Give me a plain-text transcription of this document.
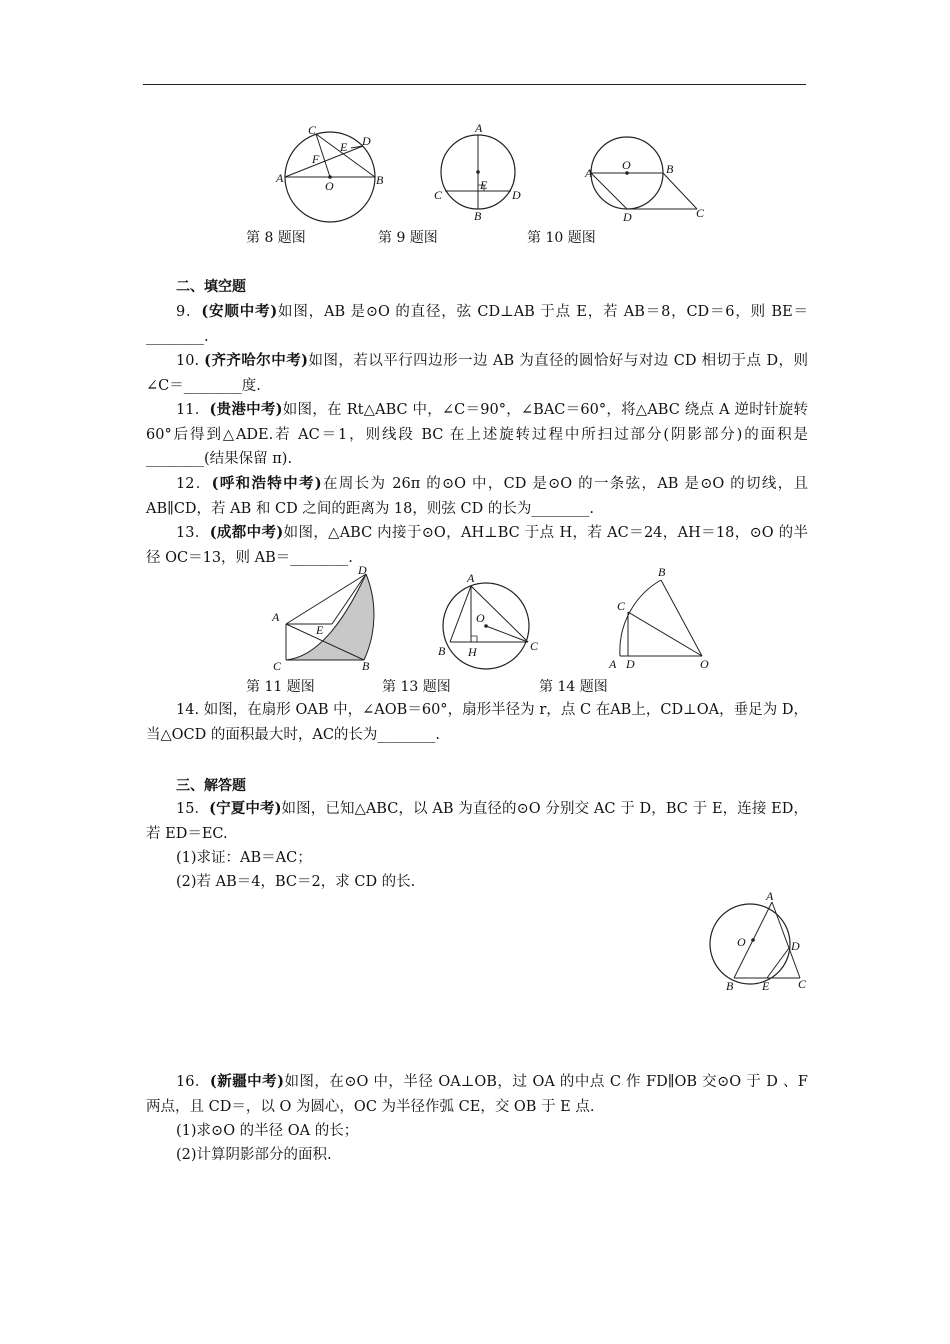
C
D
E
F
A
O	B
A
C
E
D
B
O	B
A
D	C
第 8 题图	第 9 题图	第 10 题图
二、填空题
9．(安顺中考)如图，AB 是⊙O 的直径，弦 CD⊥AB 于点 E，若 AB＝8，CD＝6，则 BE＝________.
10. (齐齐哈尔中考)如图，若以平行四边形一边 AB 为直径的圆恰好与对边 CD 相切于点 D，则∠C＝________度.
11．(贵港中考)如图，在 Rt△ABC 中，∠C＝90°，∠BAC＝60°，将△ABC 绕点 A 逆时针旋转 60°后得到△ADE.若 AC＝1，则线段 BC 在上述旋转过程中所扫过部分(阴影部分)的面积是________(结果保留 π).
12．(呼和浩特中考)在周长为 26π 的⊙O 中，CD 是⊙O 的一条弦，AB 是⊙O 的切线，且 AB∥CD，若 AB 和 CD 之间的距离为 18，则弦 CD 的长为________.
13．(成都中考)如图，△ABC 内接于⊙O，AH⊥BC 于点 H，若 AC＝24，AH＝18，⊙O 的半径 OC＝13，则 AB＝________.
D
A
E
C	B
A
O
B H	C
B
C
A D	O
第 11 题图	第 13 题图	第 14 题图
14. 如图，在扇形 OAB 中，∠AOB＝60°，扇形半径为 r，点 C 在AB上，CD⊥OA，垂足为 D，当△OCD 的面积最大时，AC的长为________.
三、解答题
15．(宁夏中考)如图，已知△ABC，以 AB 为直径的⊙O 分别交 AC 于 D，BC 于 E，连接 ED，若 ED＝EC.
(1)求证：AB＝AC；
(2)若 AB＝4，BC＝2，求 CD 的长.
A
O	D
B E C
16．(新疆中考)如图，在⊙O 中，半径 OA⊥OB，过 OA 的中点 C 作 FD∥OB 交⊙O 于 D 、F 两点，且 CD＝，以 O 为圆心，OC 为半径作弧 CE，交 OB 于 E 点.
(1)求⊙O 的半径 OA 的长；
(2)计算阴影部分的面积.
